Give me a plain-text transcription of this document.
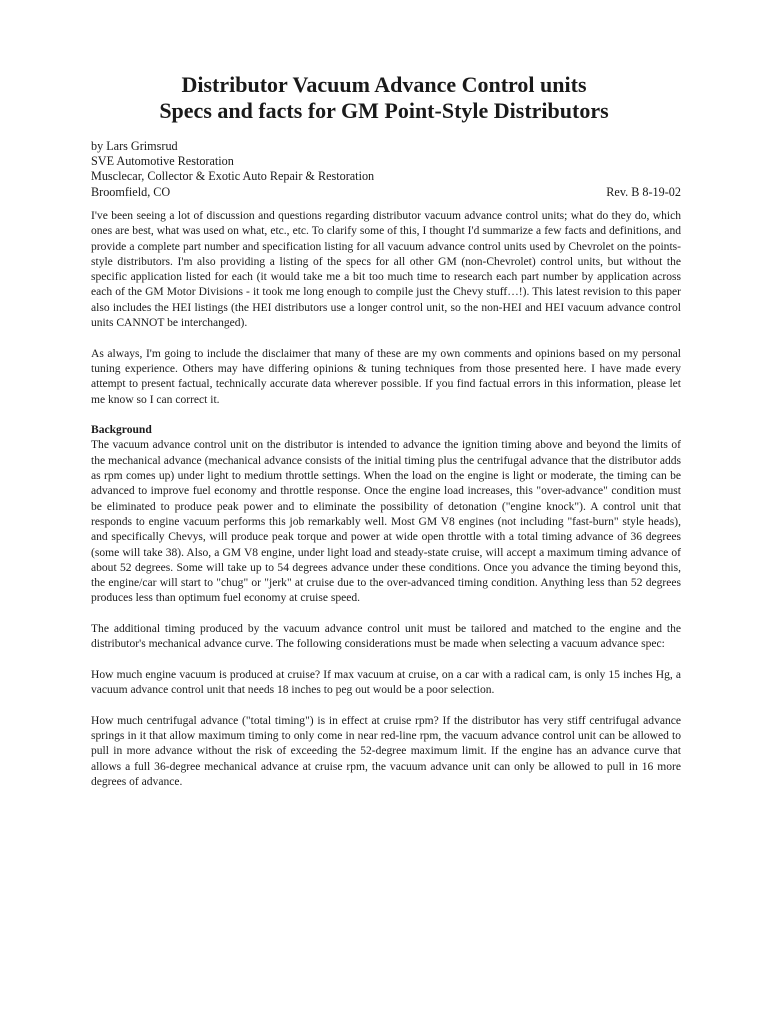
Distributor Vacuum Advance Control units
Specs and facts for GM Point-Style Distributors
by Lars Grimsrud
SVE Automotive Restoration
Musclecar, Collector & Exotic Auto Repair & Restoration
Broomfield, CO	Rev. B 8-19-02

I've been seeing a lot of discussion and questions regarding distributor vacuum advance control units; what do they do, which ones are best, what was used on what, etc., etc. To clarify some of this, I thought I'd summarize a few facts and definitions, and provide a complete part number and specification listing for all vacuum advance control units used by Chevrolet on the points-style distributors. I'm also providing a listing of the specs for all other GM (non-Chevrolet) control units, but without the specific application listed for each (it would take me a bit too much time to research each part number by application across each of the GM Motor Divisions - it took me long enough to compile just the Chevy stuff…!). This latest revision to this paper also includes the HEI listings (the HEI distributors use a longer control unit, so the non-HEI and HEI vacuum advance control units CANNOT be interchanged).

As always, I'm going to include the disclaimer that many of these are my own comments and opinions based on my personal tuning experience. Others may have differing opinions & tuning techniques from those presented here. I have made every attempt to present factual, technically accurate data wherever possible. If you find factual errors in this information, please let me know so I can correct it.

Background

The vacuum advance control unit on the distributor is intended to advance the ignition timing above and beyond the limits of the mechanical advance (mechanical advance consists of the initial timing plus the centrifugal advance that the distributor adds as rpm comes up) under light to medium throttle settings. When the load on the engine is light or moderate, the timing can be advanced to improve fuel economy and throttle response. Once the engine load increases, this "over-advance" condition must be eliminated to produce peak power and to eliminate the possibility of detonation ("engine knock"). A control unit that responds to engine vacuum performs this job remarkably well. Most GM V8 engines (not including "fast-burn" style heads), and specifically Chevys, will produce peak torque and power at wide open throttle with a total timing advance of 36 degrees (some will take 38). Also, a GM V8 engine, under light load and steady-state cruise, will accept a maximum timing advance of about 52 degrees. Some will take up to 54 degrees advance under these conditions. Once you advance the timing beyond this, the engine/car will start to "chug" or "jerk" at cruise due to the over-advanced timing condition. Anything less than 52 degrees produces less than optimum fuel economy at cruise speed.

The additional timing produced by the vacuum advance control unit must be tailored and matched to the engine and the distributor's mechanical advance curve. The following considerations must be made when selecting a vacuum advance spec:

How much engine vacuum is produced at cruise? If max vacuum at cruise, on a car with a radical cam, is only 15 inches Hg, a vacuum advance control unit that needs 18 inches to peg out would be a poor selection.

How much centrifugal advance ("total timing") is in effect at cruise rpm? If the distributor has very stiff centrifugal advance springs in it that allow maximum timing to only come in near red-line rpm, the vacuum advance control unit can be allowed to pull in more advance without the risk of exceeding the 52-degree maximum limit. If the engine has an advance curve that allows a full 36-degree mechanical advance at cruise rpm, the vacuum advance unit can only be allowed to pull in 16 more degrees of advance.
